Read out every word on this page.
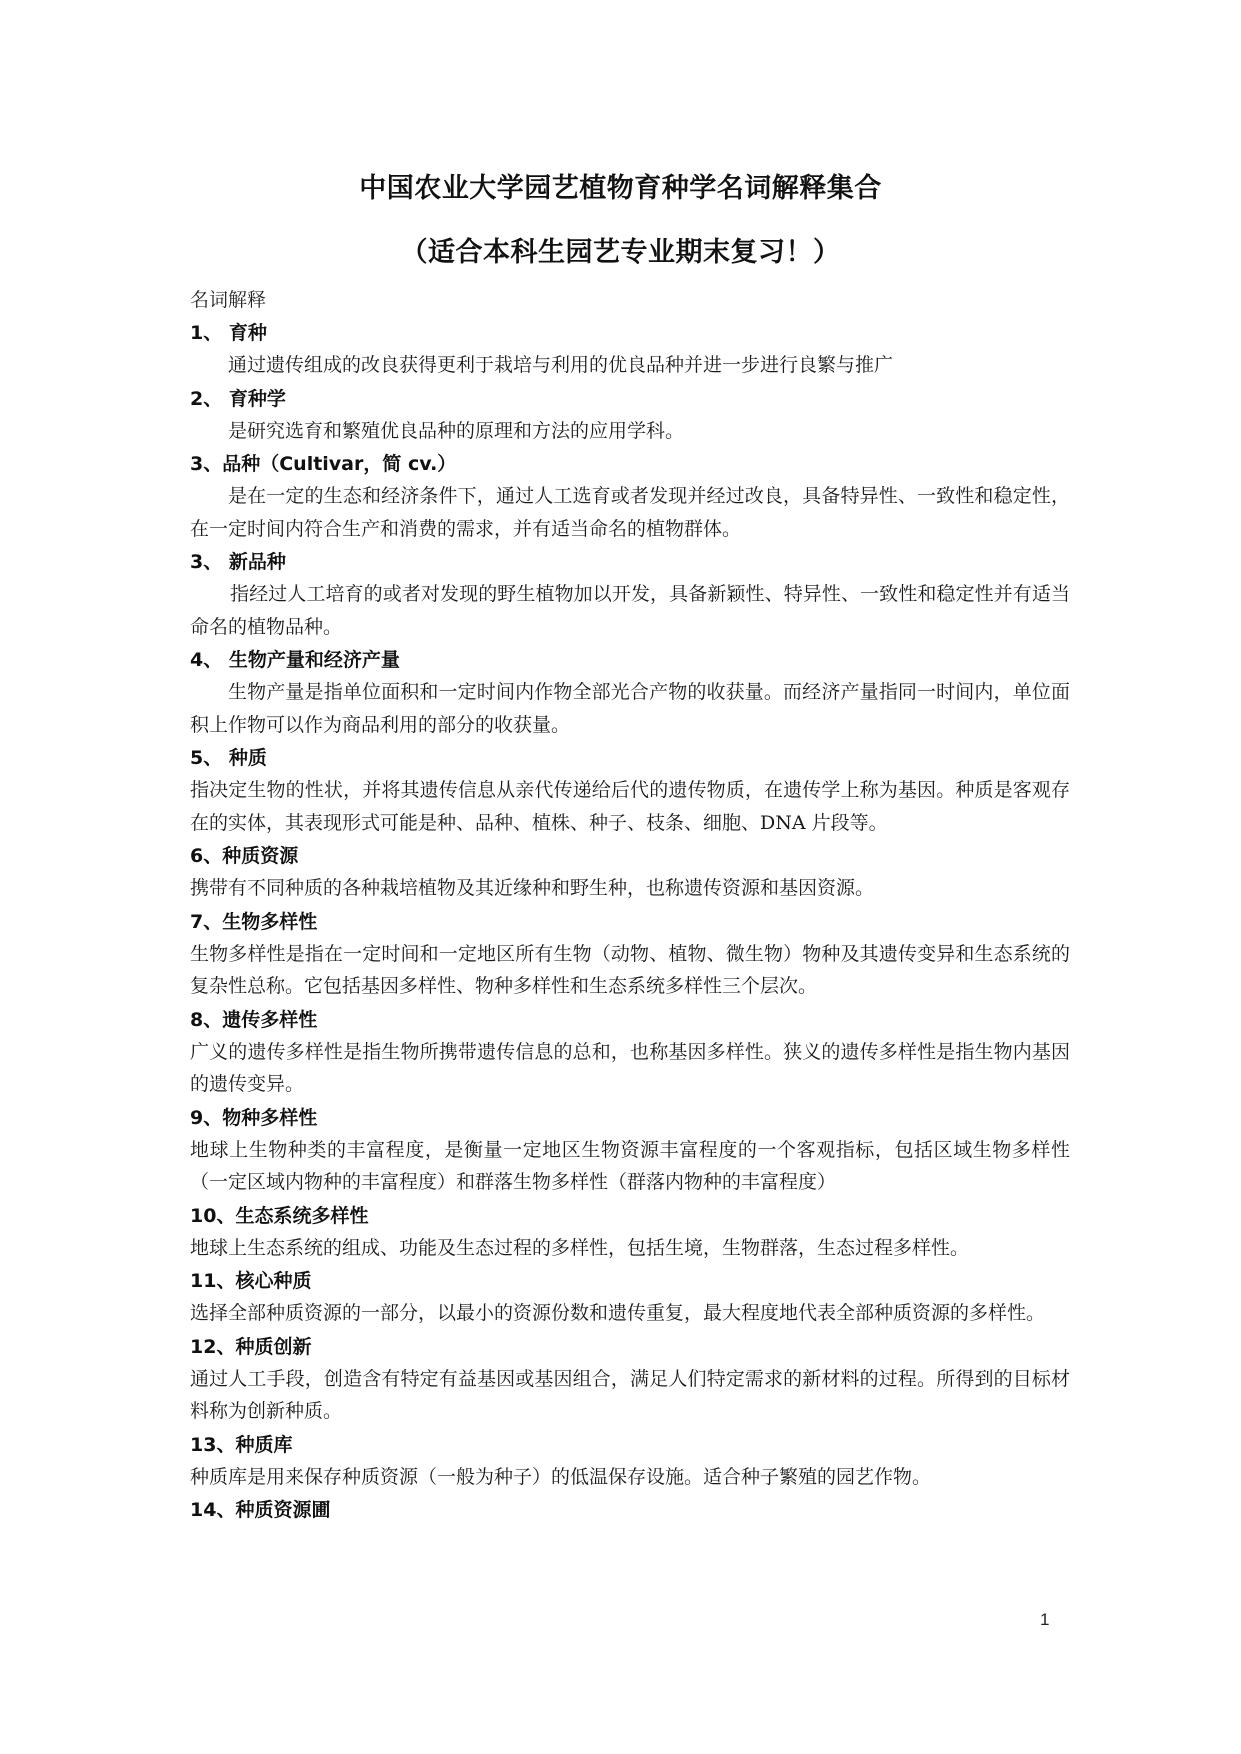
中国农业大学园艺植物育种学名词解释集合
（适合本科生园艺专业期末复习！）
名词解释
1、 育种
通过遗传组成的改良获得更利于栽培与利用的优良品种并进一步进行良繁与推广
2、 育种学
是研究选育和繁殖优良品种的原理和方法的应用学科。
3、品种（Cultivar，简 cv.）
是在一定的生态和经济条件下，通过人工选育或者发现并经过改良，具备特异性、一致性和稳定性，在一定时间内符合生产和消费的需求，并有适当命名的植物群体。
3、 新品种
指经过人工培育的或者对发现的野生植物加以开发，具备新颖性、特异性、一致性和稳定性并有适当命名的植物品种。
4、 生物产量和经济产量
生物产量是指单位面积和一定时间内作物全部光合产物的收获量。而经济产量指同一时间内，单位面积上作物可以作为商品利用的部分的收获量。
5、 种质
指决定生物的性状，并将其遗传信息从亲代传递给后代的遗传物质，在遗传学上称为基因。种质是客观存在的实体，其表现形式可能是种、品种、植株、种子、枝条、细胞、DNA 片段等。
6、种质资源
携带有不同种质的各种栽培植物及其近缘种和野生种，也称遗传资源和基因资源。
7、生物多样性
生物多样性是指在一定时间和一定地区所有生物（动物、植物、微生物）物种及其遗传变异和生态系统的复杂性总称。它包括基因多样性、物种多样性和生态系统多样性三个层次。
8、遗传多样性
广义的遗传多样性是指生物所携带遗传信息的总和，也称基因多样性。狭义的遗传多样性是指生物内基因的遗传变异。
9、物种多样性
地球上生物种类的丰富程度，是衡量一定地区生物资源丰富程度的一个客观指标，包括区域生物多样性（一定区域内物种的丰富程度）和群落生物多样性（群落内物种的丰富程度）
10、生态系统多样性
地球上生态系统的组成、功能及生态过程的多样性，包括生境，生物群落，生态过程多样性。
11、核心种质
选择全部种质资源的一部分，以最小的资源份数和遗传重复，最大程度地代表全部种质资源的多样性。
12、种质创新
通过人工手段，创造含有特定有益基因或基因组合，满足人们特定需求的新材料的过程。所得到的目标材料称为创新种质。
13、种质库
种质库是用来保存种质资源（一般为种子）的低温保存设施。适合种子繁殖的园艺作物。
14、种质资源圃
1
